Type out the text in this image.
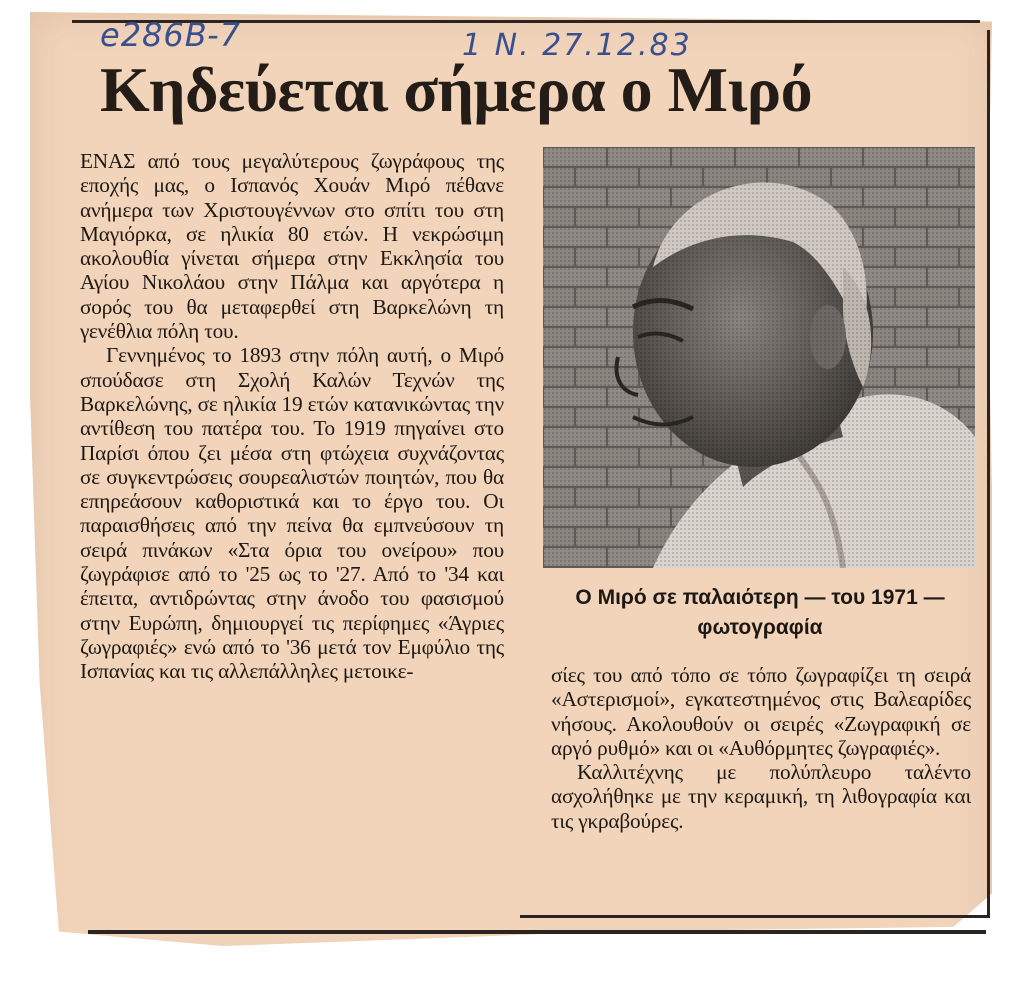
e286B-7	1 N. 27.12.83
Κηδεύεται σήμερα ο Μιρό

ΕΝΑΣ από τους μεγαλύτερους ζωγράφους της εποχής μας, ο Ισπανός Χουάν Μιρό πέθανε ανήμερα των Χριστουγέννων στο σπίτι του στη Μαγιόρκα, σε ηλικία 80 ετών. Η νεκρώσιμη ακολουθία γίνεται σήμερα στην Εκκλησία του Αγίου Νικολάου στην Πάλμα και αργότερα η σορός του θα μεταφερθεί στη Βαρκελώνη τη γενέθλια πόλη του.

Γεννημένος το 1893 στην πόλη αυτή, ο Μιρό σπούδασε στη Σχολή Καλών Τεχνών της Βαρκελώνης, σε ηλικία 19 ετών κατανικώντας την αντίθεση του πατέρα του. Το 1919 πηγαίνει στο Παρίσι όπου ζει μέσα στη φτώχεια συχνάζοντας σε συγκεντρώσεις σουρεαλιστών ποιητών, που θα επηρεάσουν καθοριστικά και το έργο του. Οι παραισθήσεις από την πείνα θα εμπνεύσουν τη σειρά πινάκων «Στα όρια του ονείρου» που ζωγράφισε από το '25 ως το '27. Από το '34 και έπειτα, αντιδρώντας στην άνοδο του φασισμού στην Ευρώπη, δημιουργεί τις περίφημες «Άγριες ζωγραφιές» ενώ από το '36 μετά τον Εμφύλιο της Ισπανίας και τις αλλεπάλληλες μετοικε-

Ο Μιρό σε παλαιότερη — του 1971 — φωτογραφία

σίες του από τόπο σε τόπο ζωγραφίζει τη σειρά «Αστερισμοί», εγκατεστημένος στις Βαλεαρίδες νήσους. Ακολουθούν οι σειρές «Ζωγραφική σε αργό ρυθμό» και οι «Αυθόρμητες ζωγραφιές».

Καλλιτέχνης με πολύπλευρο ταλέντο ασχολήθηκε με την κεραμική, τη λιθογραφία και τις γκραβούρες.
